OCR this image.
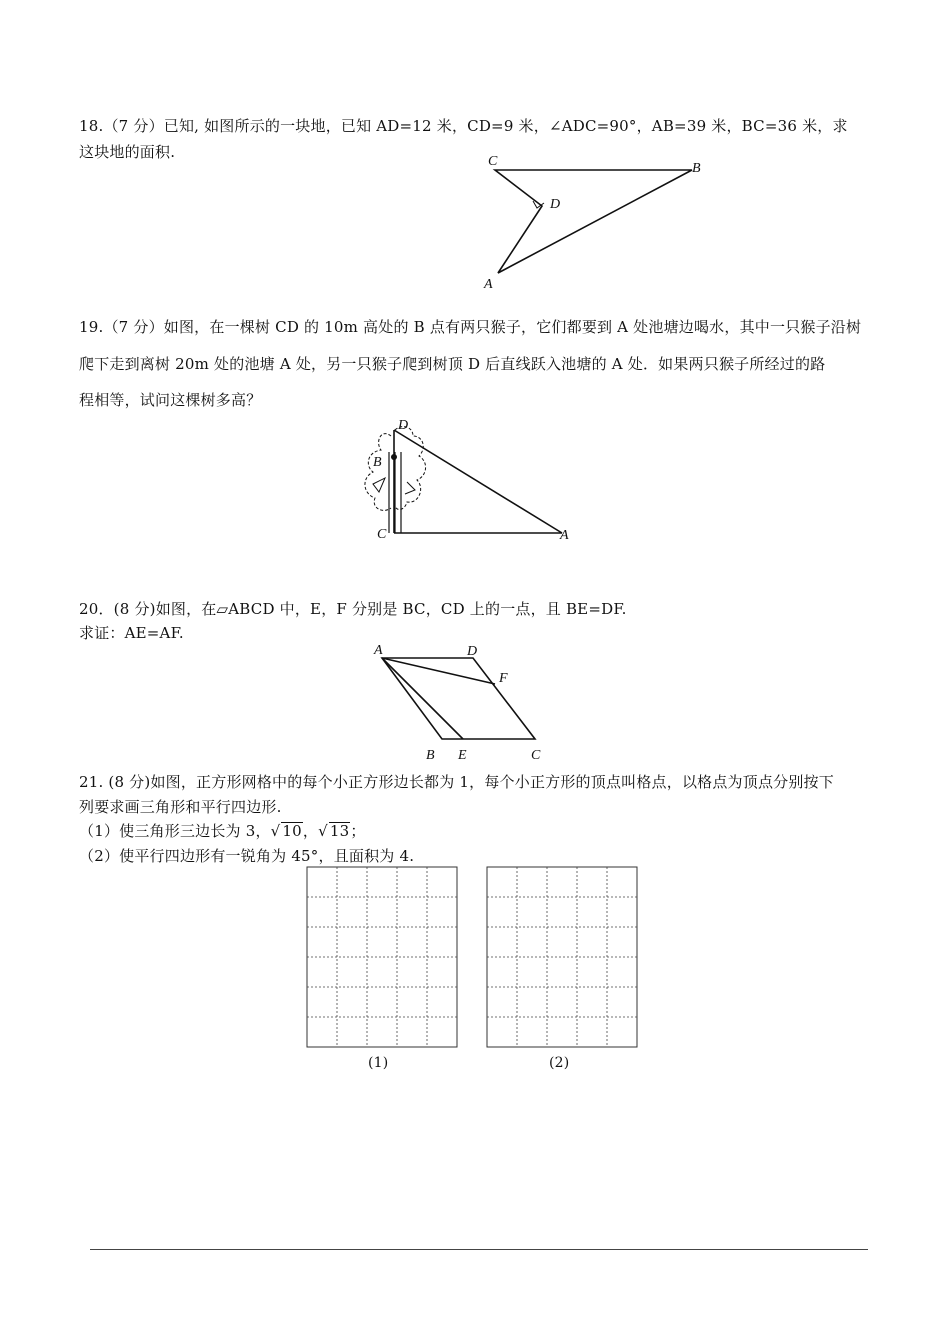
18.（7 分）已知, 如图所示的一块地，已知 AD=12 米，CD=9 米，∠ADC=90°，AB=39 米，BC=36 米，求
这块地的面积.
C	B
D
A
19.（7 分）如图，在一棵树 CD 的 10m 高处的 B 点有两只猴子，它们都要到 A 处池塘边喝水，其中一只猴子沿树
爬下走到离树 20m 处的池塘 A 处，另一只猴子爬到树顶 D 后直线跃入池塘的 A 处．如果两只猴子所经过的路
程相等，试问这棵树多高？
D
B
C	A
20．(8 分)如图，在▱ABCD 中，E，F 分别是 BC，CD 上的一点，且 BE=DF.
求证：AE=AF.
A	D
F
B E	C
21. (8 分)如图，正方形网格中的每个小正方形边长都为 1，每个小正方形的顶点叫格点，以格点为顶点分别按下
列要求画三角形和平行四边形.
（1）使三角形三边长为 3，√ 10，√ 13；
（2）使平行四边形有一锐角为 45°，且面积为 4.
(1)	(2)
